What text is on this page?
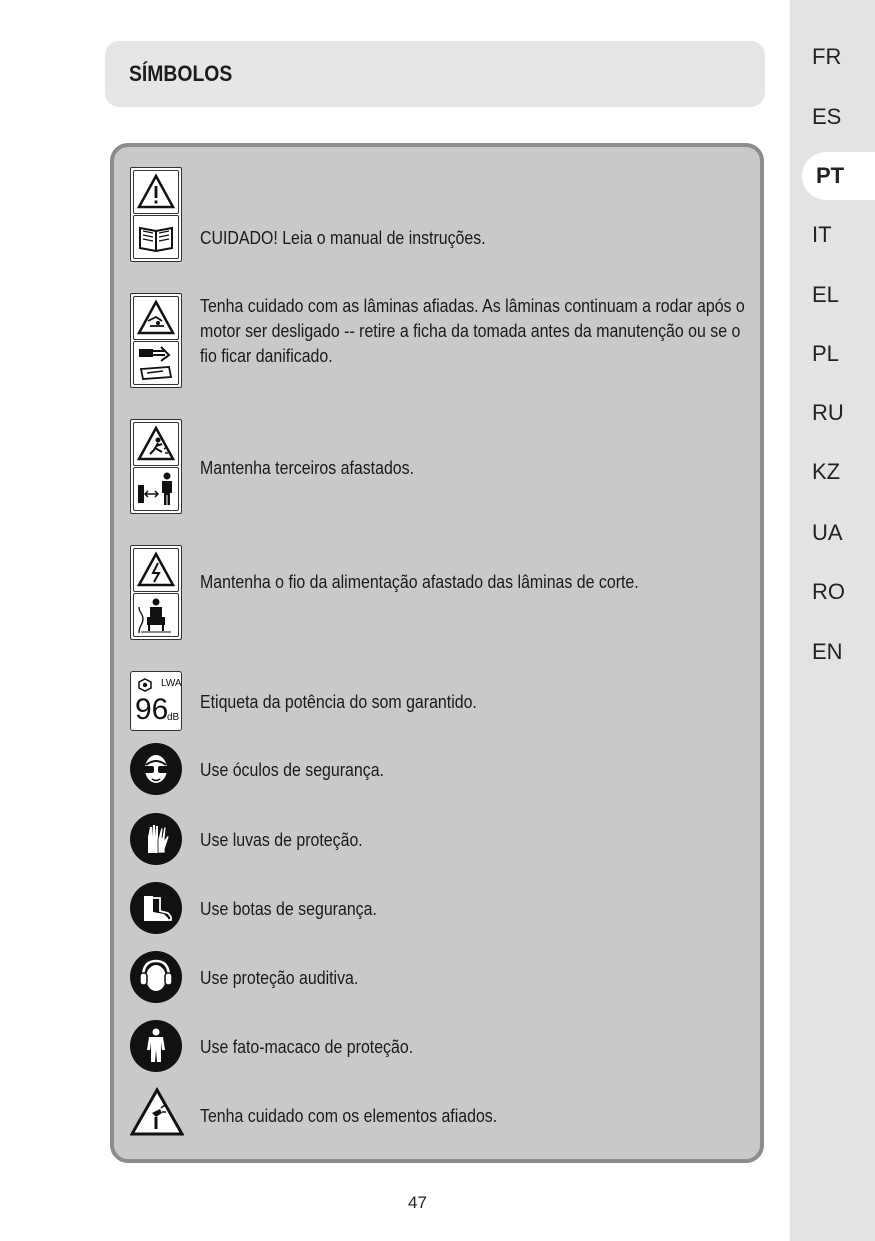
SÍMBOLOS
CUIDADO! Leia o manual de instruções.
Tenha cuidado com as lâminas afiadas. As lâminas continuam a rodar após o motor ser desligado -- retire a ficha da tomada antes da manutenção ou se o fio ficar danificado.
Mantenha terceiros afastados.
Mantenha o fio da alimentação afastado das lâminas de corte.
LWA
96
dB
Etiqueta da potência do som garantido.
Use óculos de segurança.
Use luvas de proteção.
Use botas de segurança.
Use proteção auditiva.
Use fato-macaco de proteção.
Tenha cuidado com os elementos afiados.
FR
ES
PT
IT
EL
PL
RU
KZ
UA
RO
EN
47
